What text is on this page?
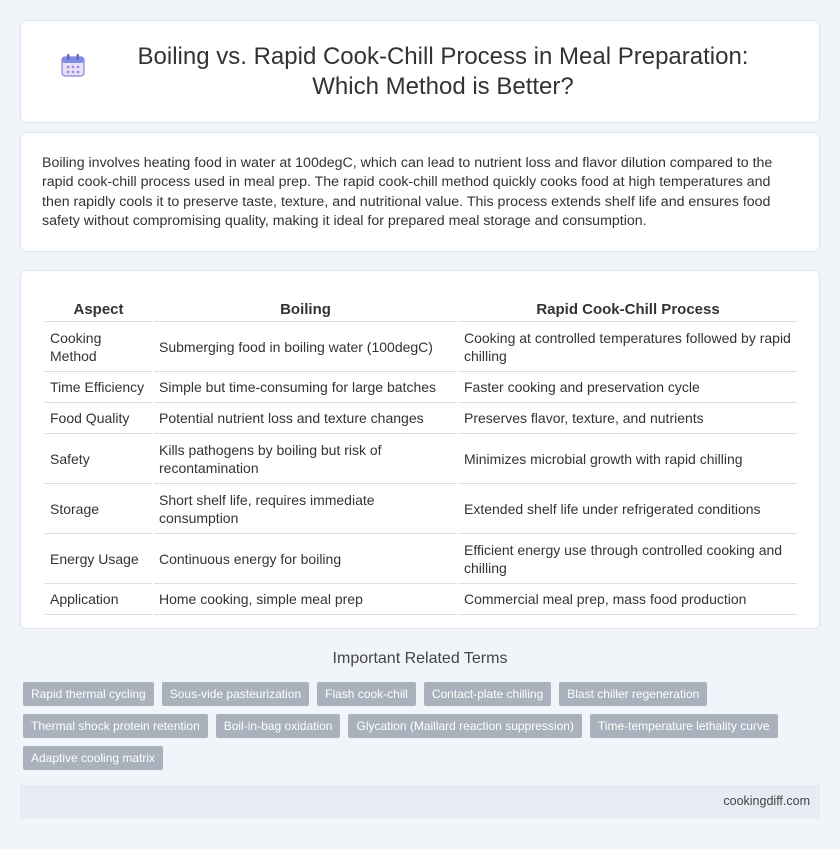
Boiling vs. Rapid Cook-Chill Process in Meal Preparation: Which Method is Better?

Boiling involves heating food in water at 100degC, which can lead to nutrient loss and flavor dilution compared to the rapid cook-chill process used in meal prep. The rapid cook-chill method quickly cooks food at high temperatures and then rapidly cools it to preserve taste, texture, and nutritional value. This process extends shelf life and ensures food safety without compromising quality, making it ideal for prepared meal storage and consumption.

Aspect	Boiling	Rapid Cook-Chill Process
Cooking Method	Submerging food in boiling water (100degC)	Cooking at controlled temperatures followed by rapid chilling
Time Efficiency	Simple but time-consuming for large batches	Faster cooking and preservation cycle
Food Quality	Potential nutrient loss and texture changes	Preserves flavor, texture, and nutrients
Safety	Kills pathogens by boiling but risk of recontamination	Minimizes microbial growth with rapid chilling
Storage	Short shelf life, requires immediate consumption	Extended shelf life under refrigerated conditions
Energy Usage	Continuous energy for boiling	Efficient energy use through controlled cooking and chilling
Application	Home cooking, simple meal prep	Commercial meal prep, mass food production
Important Related Terms
Rapid thermal cycling	Sous-vide pasteurization	Flash cook-chill	Contact-plate chilling	Blast chiller regeneration
Thermal shock protein retention	Boil-in-bag oxidation	Glycation (Maillard reaction suppression)	Time-temperature lethality curve
Adaptive cooling matrix
cookingdiff.com
